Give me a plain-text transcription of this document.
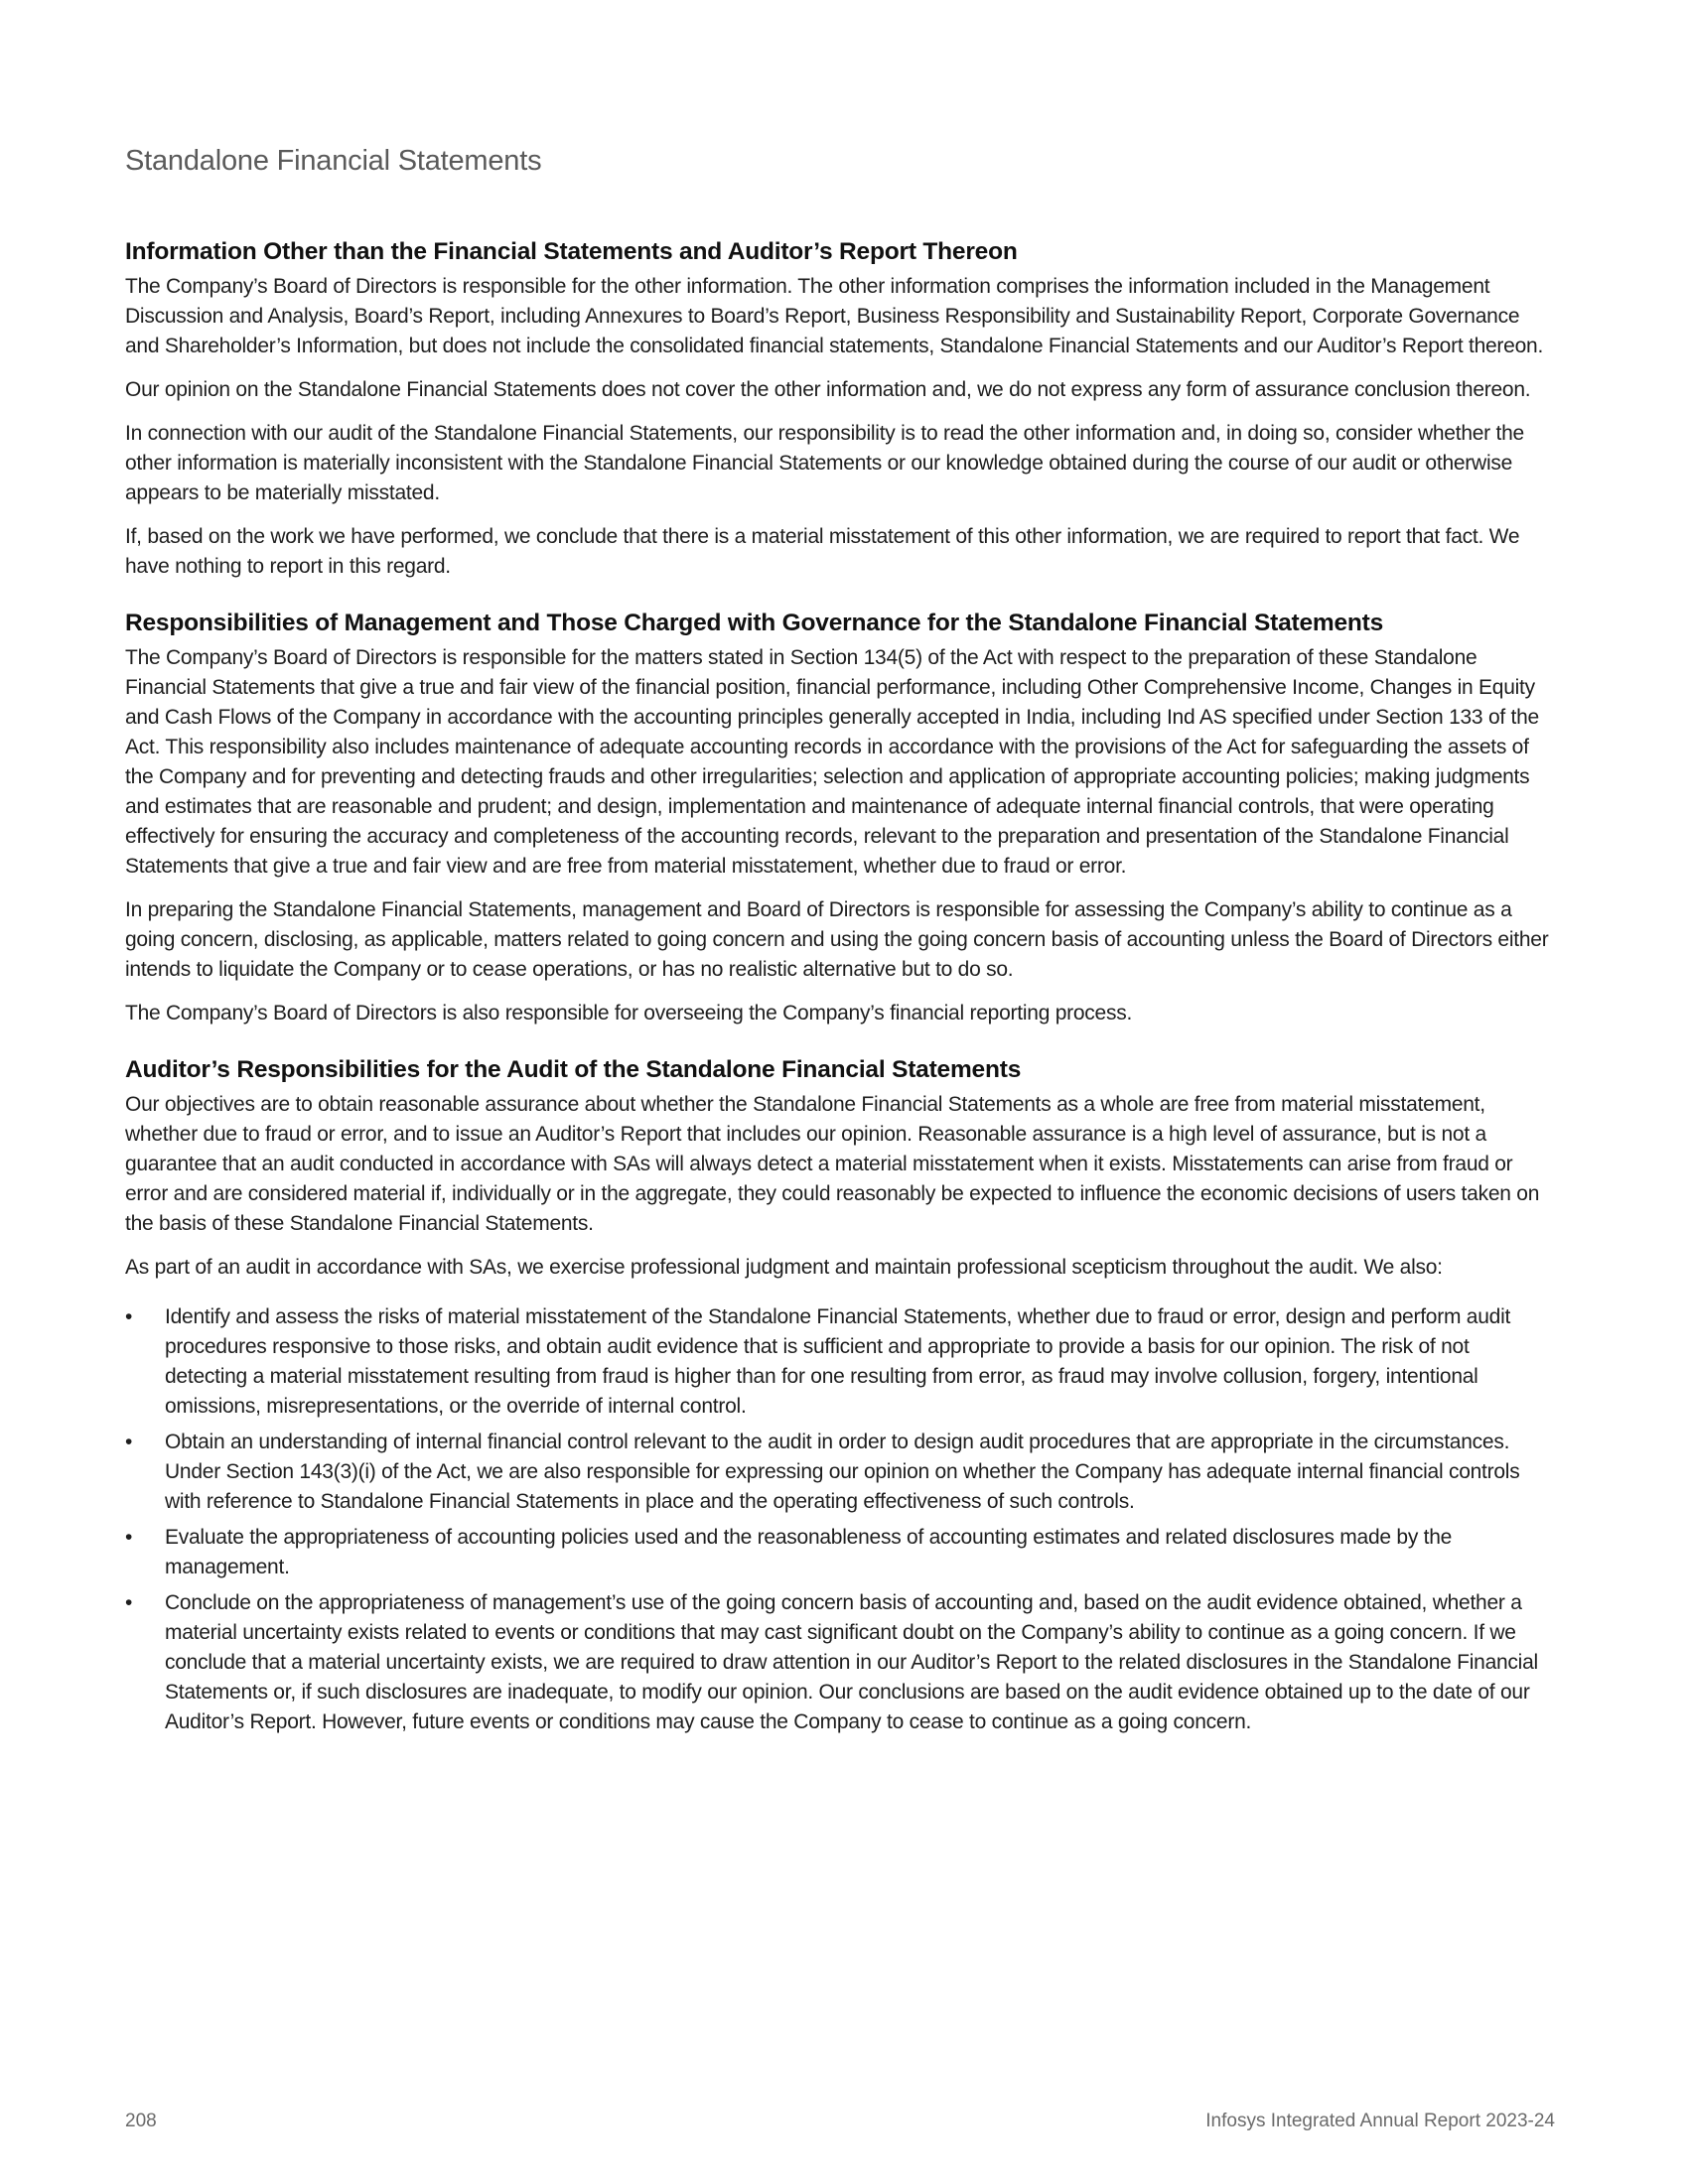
Standalone Financial Statements
Information Other than the Financial Statements and Auditor’s Report Thereon

The Company’s Board of Directors is responsible for the other information. The other information comprises the information included in the Management Discussion and Analysis, Board’s Report, including Annexures to Board’s Report, Business Responsibility and Sustainability Report, Corporate Governance and Shareholder’s Information, but does not include the consolidated financial statements, Standalone Financial Statements and our Auditor’s Report thereon.

Our opinion on the Standalone Financial Statements does not cover the other information and, we do not express any form of assurance conclusion thereon.

In connection with our audit of the Standalone Financial Statements, our responsibility is to read the other information and, in doing so, consider whether the other information is materially inconsistent with the Standalone Financial Statements or our knowledge obtained during the course of our audit or otherwise appears to be materially misstated.

If, based on the work we have performed, we conclude that there is a material misstatement of this other information, we are required to report that fact. We have nothing to report in this regard.

Responsibilities of Management and Those Charged with Governance for the Standalone Financial Statements

The Company’s Board of Directors is responsible for the matters stated in Section 134(5) of the Act with respect to the preparation of these Standalone Financial Statements that give a true and fair view of the financial position, financial performance, including Other Comprehensive Income, Changes in Equity and Cash Flows of the Company in accordance with the accounting principles generally accepted in India, including Ind AS specified under Section 133 of the Act. This responsibility also includes maintenance of adequate accounting records in accordance with the provisions of the Act for safeguarding the assets of the Company and for preventing and detecting frauds and other irregularities; selection and application of appropriate accounting policies; making judgments and estimates that are reasonable and prudent; and design, implementation and maintenance of adequate internal financial controls, that were operating effectively for ensuring the accuracy and completeness of the accounting records, relevant to the preparation and presentation of the Standalone Financial Statements that give a true and fair view and are free from material misstatement, whether due to fraud or error.

In preparing the Standalone Financial Statements, management and Board of Directors is responsible for assessing the Company’s ability to continue as a going concern, disclosing, as applicable, matters related to going concern and using the going concern basis of accounting unless the Board of Directors either intends to liquidate the Company or to cease operations, or has no realistic alternative but to do so.

The Company’s Board of Directors is also responsible for overseeing the Company’s financial reporting process.

Auditor’s Responsibilities for the Audit of the Standalone Financial Statements

Our objectives are to obtain reasonable assurance about whether the Standalone Financial Statements as a whole are free from material misstatement, whether due to fraud or error, and to issue an Auditor’s Report that includes our opinion. Reasonable assurance is a high level of assurance, but is not a guarantee that an audit conducted in accordance with SAs will always detect a material misstatement when it exists. Misstatements can arise from fraud or error and are considered material if, individually or in the aggregate, they could reasonably be expected to influence the economic decisions of users taken on the basis of these Standalone Financial Statements.

As part of an audit in accordance with SAs, we exercise professional judgment and maintain professional scepticism throughout the audit. We also:

•	Identify and assess the risks of material misstatement of the Standalone Financial Statements, whether due to fraud or error, design and perform audit procedures responsive to those risks, and obtain audit evidence that is sufficient and appropriate to provide a basis for our opinion. The risk of not detecting a material misstatement resulting from fraud is higher than for one resulting from error, as fraud may involve collusion, forgery, intentional omissions, misrepresentations, or the override of internal control.
•	Obtain an understanding of internal financial control relevant to the audit in order to design audit procedures that are appropriate in the circumstances. Under Section 143(3)(i) of the Act, we are also responsible for expressing our opinion on whether the Company has adequate internal financial controls with reference to Standalone Financial Statements in place and the operating effectiveness of such controls.
•	Evaluate the appropriateness of accounting policies used and the reasonableness of accounting estimates and related disclosures made by the management.
•	Conclude on the appropriateness of management’s use of the going concern basis of accounting and, based on the audit evidence obtained, whether a material uncertainty exists related to events or conditions that may cast significant doubt on the Company’s ability to continue as a going concern. If we conclude that a material uncertainty exists, we are required to draw attention in our Auditor’s Report to the related disclosures in the Standalone Financial Statements or, if such disclosures are inadequate, to modify our opinion. Our conclusions are based on the audit evidence obtained up to the date of our Auditor’s Report. However, future events or conditions may cause the Company to cease to continue as a going concern.
208	Infosys Integrated Annual Report 2023-24
